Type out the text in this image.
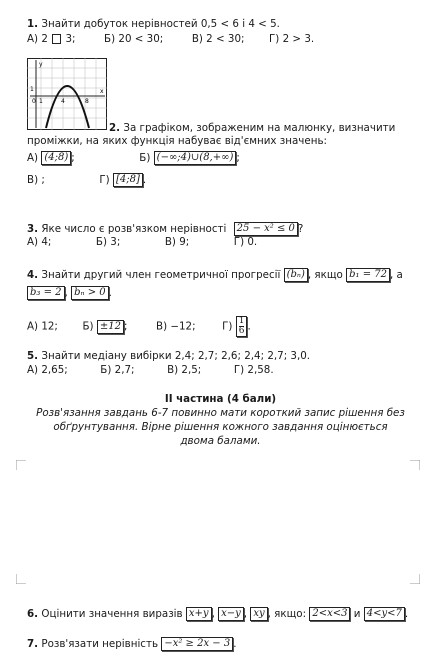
1. Знайти добуток нерівностей 0,5 < 6 і 4 < 5.
А) 2 3;	Б) 20 < 30;	В) 2 < 30; Г) 2 > 3.
y
1
0 1	4	8
x
2. За графіком, зображеним на малюнку, визначити
проміжки, на яких функція набуває від'ємних значень:
А) (4;8) ;	Б) (−∞;4)∪(8,+∞) ;
В) ;	Г) [4;8] .
3. Яке число є розв'язком нерівності 25 − x² ≤ 0 ?
А) 4;	Б) 3;	В) 9;	Г) 0.
4. Знайти другий член геометричної прогресії (bₙ) , якщо b₁ = 72 , а
b₃ = 2 , bₙ > 0 .
А) 12; Б) ±12 ;	В) −12;	$Г) \frac{1}{6}$ .
5. Знайти медіану вибірки 2,4; 2,7; 2,6; 2,4; 2,7; 3,0.
А) 2,65;	Б) 2,7;	В) 2,5;	Г) 2,58.
ІІ частина (4 бали)
Розв'язання завдань 6-7 повинно мати короткий запис рішення без
обґрунтування. Вірне рішення кожного завдання оцінюється
двома балами.
6. Оцінити значення виразів x+y , x−y , xy , якщо: 2<x<3 и 4<y<7 .
7. Розв'язати нерівність −x² ≥ 2x − 3 .
